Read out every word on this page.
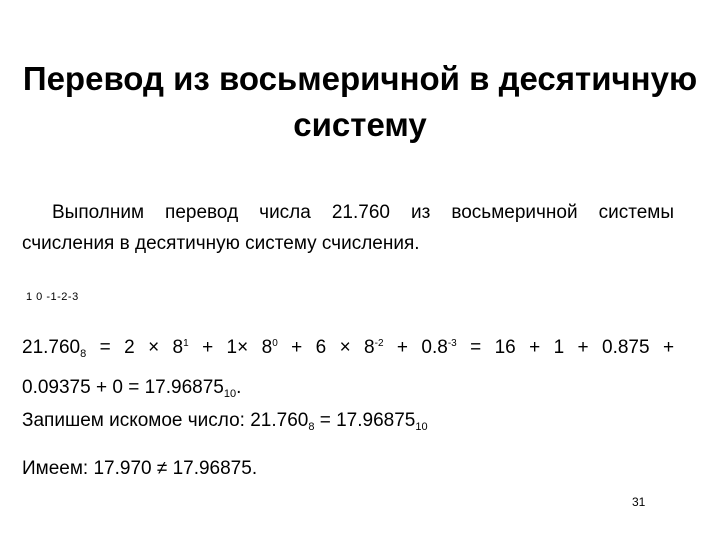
Перевод из восьмеричной в десятичную систему
Выполним перевод числа 21.760 из восьмеричной системы счисления в десятичную систему счисления.
1 0 -1-2-3
$21.760_8 = 2 \times 8^1 + 1\times 8^0 + 6 \times 8^{-2} + 0.8^{-3} = 16 + 1 + 0.875$ +
$0.09375 + 0 = 17.96875_{10}$.
Запишем искомое число: $21.760_8 = 17.96875_{10}$
Имеем: 17.970 ≠ 17.96875.
31
